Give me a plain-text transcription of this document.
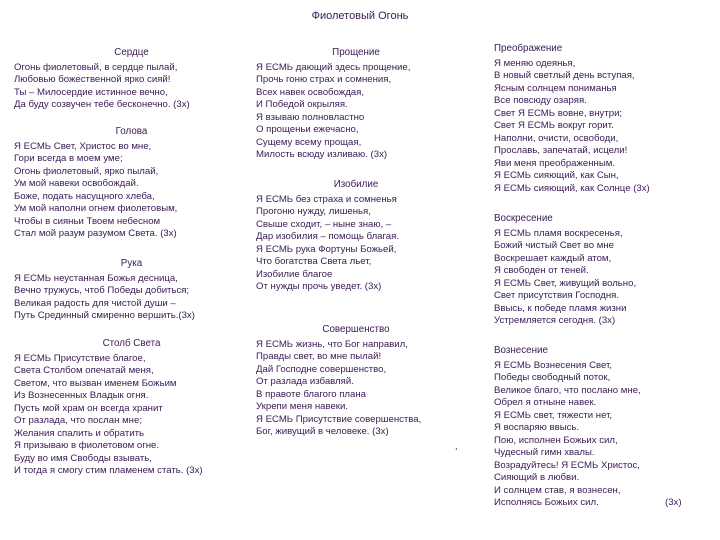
Фиолетовый Огонь
Сердце
Огонь фиолетовый, в сердце пылай,
Любовью божественной ярко сияй!
Ты – Милосердие истинное вечно,
Да буду созвучен тебе бесконечно. (3х)
Голова
Я ЕСМЬ Свет, Христос во мне,
Гори всегда в моем уме;
Огонь фиолетовый, ярко пылай,
Ум мой навеки освобождай.
Боже, подать насущного хлеба,
Ум мой наполни огнем фиолетовым,
Чтобы в сияньи Твоем небесном
Стал мой разум разумом Света. (3х)
Рука
Я ЕСМЬ неустанная Божья десница,
Вечно тружусь, чтоб Победы добиться;
Великая радость для чистой души –
Путь Срединный смиренно вершить.(3х)
Столб Света
Я ЕСМЬ Присутствие благое,
Света Столбом опечатай меня,
Светом, что вызван именем Божьим
Из Вознесенных Владык огня.
Пусть мой храм он всегда хранит
От разлада, что послан мне;
Желания спалить и обратить
Я призываю в фиолетовом огне.
Буду во имя Свободы взывать,
И тогда я смогу стим пламенем стать. (3х)
Прощение
Я ЕСМЬ дающий здесь прощение,
Прочь гоню страх и сомнения,
Всех навек освобождая,
И Победой окрыляя.
Я взываю полновластно
О прощеньи ежечасно,
Сущему всему прощая,
Милость всюду изливаю. (3х)
Изобилие
Я ЕСМЬ без страха и сомненья
Прогоню нужду, лишенья,
Свыше сходит, – ныне знаю, –
Дар изобилия – помощь благая.
Я ЕСМЬ рука Фортуны Божьей,
Что богатства Света льет,
Изобилие благое
От нужды прочь уведет. (3х)
Совершенство
Я ЕСМЬ жизнь, что Бог направил,
Правды свет, во мне пылай!
Дай Господне совершенство,
От разлада избавляй.
В правоте благого плана
Укрепи меня навеки.
Я ЕСМЬ Присутствие совершенства,
Бог, живущий в человеке. (3х)
,
Преображение
Я меняю одеянья,
В новый светлый день вступая,
Ясным солнцем пониманья
Все повсюду озаряя.
Свет Я ЕСМЬ вовне, внутри;
Свет Я ЕСМЬ вокруг горит.
Наполни, очисти, освободи,
Прославь, запечатай, исцели!
Яви меня преображенным.
Я ЕСМЬ сияющий, как Сын,
Я ЕСМЬ сияющий, как Солнце (3х)
Воскресение
Я ЕСМЬ пламя воскресенья,
Божий чистый Свет во мне
Воскрешает каждый атом,
Я свободен от теней.
Я ЕСМЬ Свет, живущий вольно,
Свет присутствия Господня.
Ввысь, к победе пламя жизни
Устремляется сегодня. (3х)
Вознесение
Я ЕСМЬ Вознесения Свет,
Победы свободный поток,
Великое благо, что послано мне,
Обрел я отныне навек.
Я ЕСМЬ свет, тяжести нет,
Я воспаряю ввысь.
Пою, исполнен Божьих сил,
Чудесный гимн хвалы.
Возрадуйтесь! Я ЕСМЬ Христос,
Сияющий в любви.
И солнцем став, я вознесен,
Исполнясь Божьих сил.	(3х)
